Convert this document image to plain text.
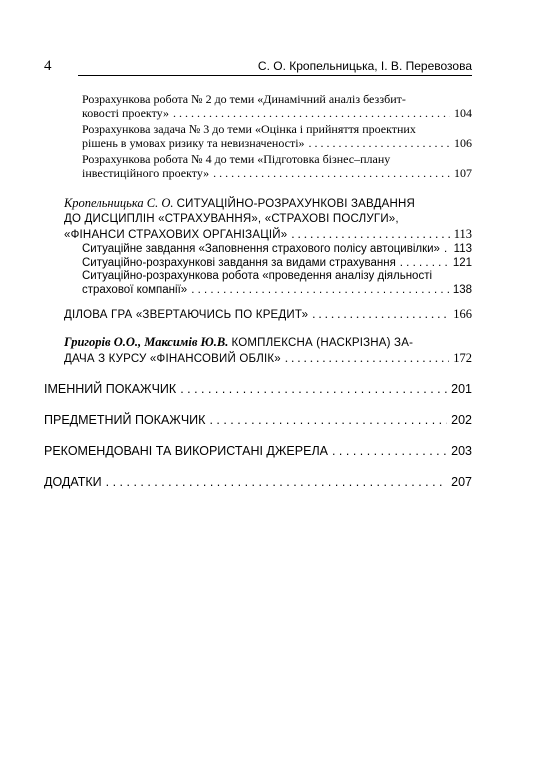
4	С. О. Кропельницька, І. В. Перевозова
Розрахункова робота № 2 до теми «Динамічний аналіз беззбит-
ковості проекту» . . .	104
Розрахункова задача № 3 до теми «Оцінка і прийняття проектних
рішень в умовах ризику та невизначеності» . . .	106
Розрахункова робота № 4 до теми «Підготовка бізнес–плану
інвестиційного проекту» . . .	107
Кропельницька С. О. СИТУАЦІЙНО-РОЗРАХУНКОВІ ЗАВДАННЯ
ДО ДИСЦИПЛІН «СТРАХУВАННЯ», «СТРАХОВІ ПОСЛУГИ»,
«ФІНАНСИ СТРАХОВИХ ОРГАНІЗАЦІЙ» . . .	113
Ситуаційне завдання «Заповнення страхового полісу автоцивілки» . . . 113
Ситуаційно-розрахункові завдання за видами страхування . . .	121
Ситуаційно-розрахункова робота «проведення аналізу діяльності
страхової компанії» . . .	138
ДІЛОВА ГРА «ЗВЕРТАЮЧИСЬ ПО КРЕДИТ» . . .	166
Григорів О.О., Максимів Ю.В. КОМПЛЕКСНА (НАСКРІЗНА) ЗА-
ДАЧА З КУРСУ «ФІНАНСОВИЙ ОБЛІК» . . .	172
ІМЕННИЙ ПОКАЖЧИК . . .	201
ПРЕДМЕТНИЙ ПОКАЖЧИК . . .	202
РЕКОМЕНДОВАНІ ТА ВИКОРИСТАНІ ДЖЕРЕЛА . . .	203
ДОДАТКИ . . .	207
